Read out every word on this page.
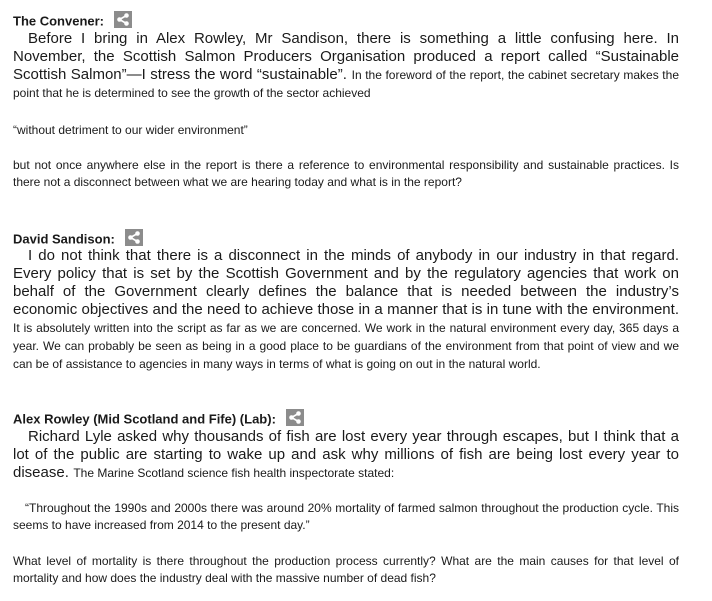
The Convener:

Before I bring in Alex Rowley, Mr Sandison, there is something a little confusing here. In November, the Scottish Salmon Producers Organisation produced a report called “Sustainable Scottish Salmon”—I stress the word “sustainable”. In the foreword of the report, the cabinet secretary makes the point that he is determined to see the growth of the sector achieved

“without detriment to our wider environment”

but not once anywhere else in the report is there a reference to environmental responsibility and sustainable practices. Is there not a disconnect between what we are hearing today and what is in the report?

David Sandison:

I do not think that there is a disconnect in the minds of anybody in our industry in that regard. Every policy that is set by the Scottish Government and by the regulatory agencies that work on behalf of the Government clearly defines the balance that is needed between the industry’s economic objectives and the need to achieve those in a manner that is in tune with the environment. It is absolutely written into the script as far as we are concerned. We work in the natural environment every day, 365 days a year. We can probably be seen as being in a good place to be guardians of the environment from that point of view and we can be of assistance to agencies in many ways in terms of what is going on out in the natural world.

Alex Rowley (Mid Scotland and Fife) (Lab):

Richard Lyle asked why thousands of fish are lost every year through escapes, but I think that a lot of the public are starting to wake up and ask why millions of fish are being lost every year to disease. The Marine Scotland science fish health inspectorate stated:

“Throughout the 1990s and 2000s there was around 20% mortality of farmed salmon throughout the production cycle. This seems to have increased from 2014 to the present day.”

What level of mortality is there throughout the production process currently? What are the main causes for that level of mortality and how does the industry deal with the massive number of dead fish?
